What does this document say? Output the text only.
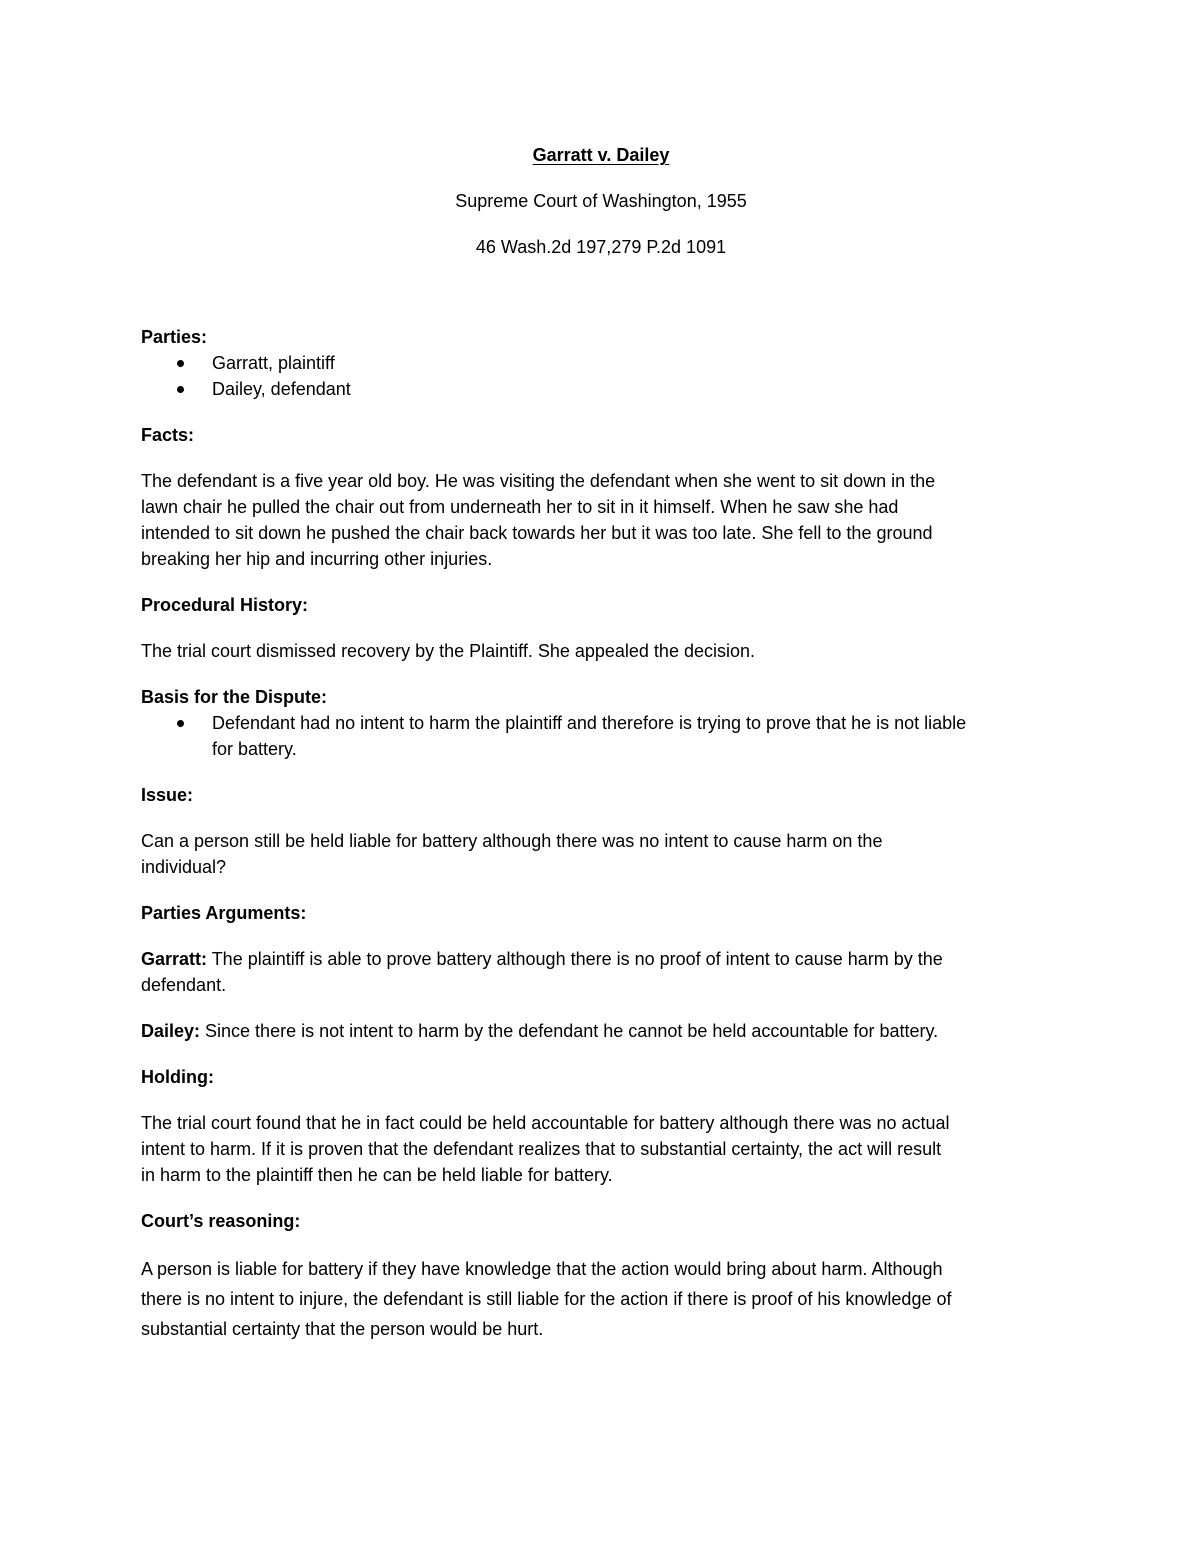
Garratt v. Dailey

Supreme Court of Washington, 1955

46 Wash.2d 197,279 P.2d 1091

Parties:

Garratt, plaintiff
Dailey, defendant

Facts:

The defendant is a five year old boy. He was visiting the defendant when she went to sit down in the

lawn chair he pulled the chair out from underneath her to sit in it himself. When he saw she had

intended to sit down he pushed the chair back towards her but it was too late. She fell to the ground

breaking her hip and incurring other injuries.

Procedural History:

The trial court dismissed recovery by the Plaintiff. She appealed the decision.

Basis for the Dispute:

Defendant had no intent to harm the plaintiff and therefore is trying to prove that he is not liable
for battery.

Issue:

Can a person still be held liable for battery although there was no intent to cause harm on the

individual?

Parties Arguments:

Garratt: The plaintiff is able to prove battery although there is no proof of intent to cause harm by the

defendant.

Dailey: Since there is not intent to harm by the defendant he cannot be held accountable for battery.

Holding:

The trial court found that he in fact could be held accountable for battery although there was no actual

intent to harm. If it is proven that the defendant realizes that to substantial certainty, the act will result

in harm to the plaintiff then he can be held liable for battery.

Court’s reasoning:

A person is liable for battery if they have knowledge that the action would bring about harm. Although

there is no intent to injure, the defendant is still liable for the action if there is proof of his knowledge of

substantial certainty that the person would be hurt.
